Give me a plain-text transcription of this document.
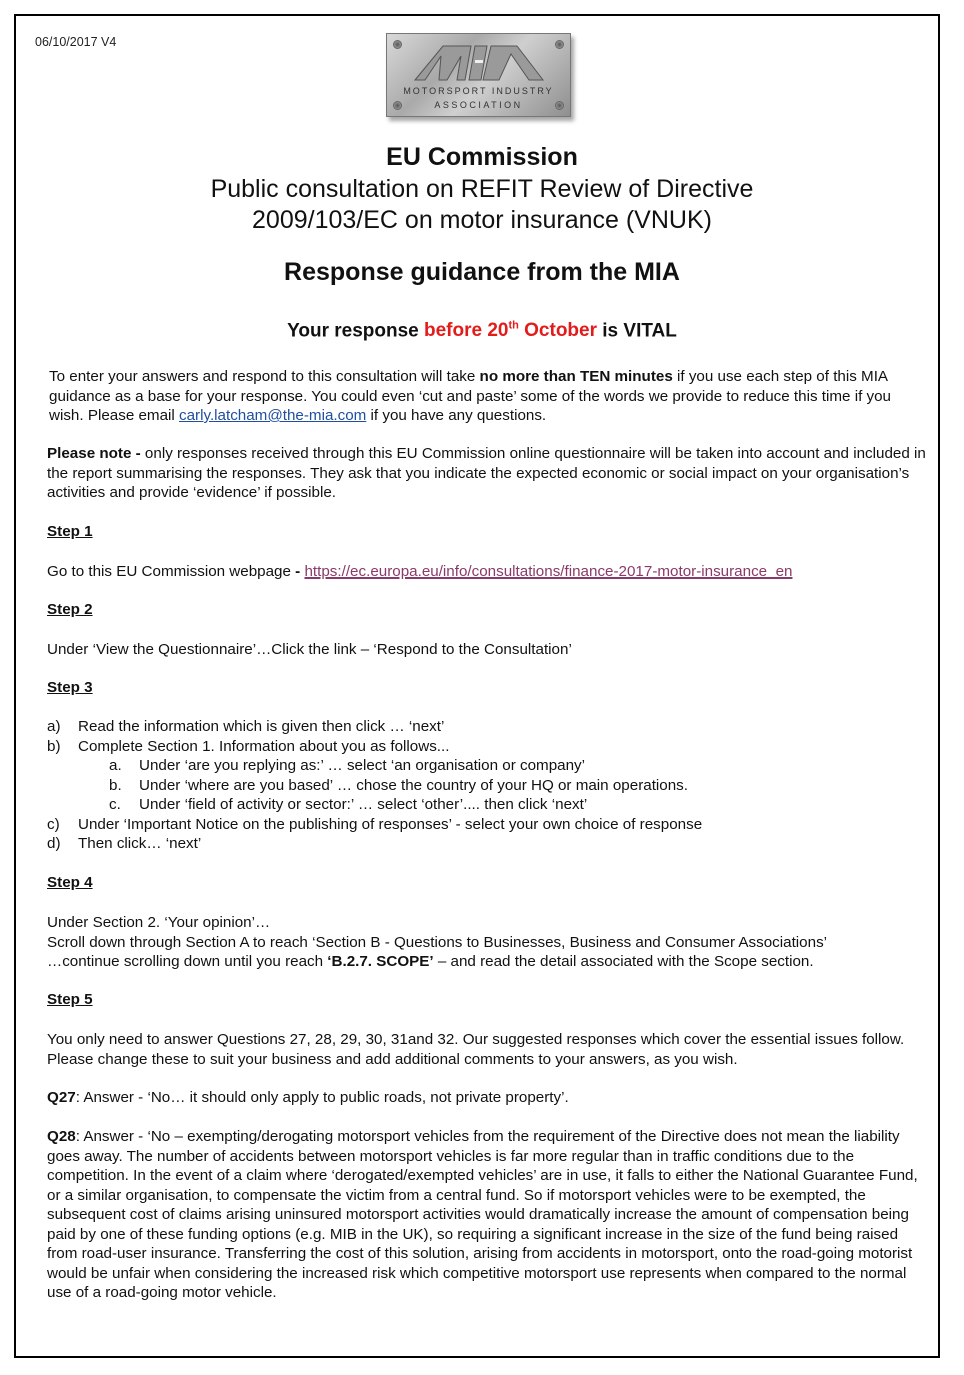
06/10/2017 V4
MOTORSPORT INDUSTRY
ASSOCIATION
EU Commission
Public consultation on REFIT Review of Directive
2009/103/EC on motor insurance (VNUK)
Response guidance from the MIA
Your response before 20th October is VITAL
To enter your answers and respond to this consultation will take no more than TEN minutes if you use each step of this MIA guidance as a base for your response. You could even ‘cut and paste’ some of the words we provide to reduce this time if you wish. Please email carly.latcham@the-mia.com if you have any questions.
Please note - only responses received through this EU Commission online questionnaire will be taken into account and included in the report summarising the responses. They ask that you indicate the expected economic or social impact on your organisation’s activities and provide ‘evidence’ if possible.
Step 1
Go to this EU Commission webpage - https://ec.europa.eu/info/consultations/finance-2017-motor-insurance_en
Step 2
Under ‘View the Questionnaire’…Click the link – ‘Respond to the Consultation’
Step 3
a)	Read the information which is given then click … ‘next’
b)	Complete Section 1. Information about you as follows...
a.	Under ‘are you replying as:’ … select ‘an organisation or company’
b.	Under ‘where are you based’ … chose the country of your HQ or main operations.
c.	Under ‘field of activity or sector:’ … select ‘other’.... then click ‘next’
c)	Under ‘Important Notice on the publishing of responses’ - select your own choice of response
d)	Then click… ‘next’
Step 4
Under Section 2. ‘Your opinion’…
Scroll down through Section A to reach ‘Section B - Questions to Businesses, Business and Consumer Associations’
…continue scrolling down until you reach ‘B.2.7. SCOPE’ – and read the detail associated with the Scope section.
Step 5
You only need to answer Questions 27, 28, 29, 30, 31and 32. Our suggested responses which cover the essential issues follow. Please change these to suit your business and add additional comments to your answers, as you wish.
Q27: Answer - ‘No… it should only apply to public roads, not private property’.
Q28: Answer - ‘No – exempting/derogating motorsport vehicles from the requirement of the Directive does not mean the liability goes away. The number of accidents between motorsport vehicles is far more regular than in traffic conditions due to the competition. In the event of a claim where ‘derogated/exempted vehicles’ are in use, it falls to either the National Guarantee Fund, or a similar organisation, to compensate the victim from a central fund. So if motorsport vehicles were to be exempted, the subsequent cost of claims arising uninsured motorsport activities would dramatically increase the amount of compensation being paid by one of these funding options (e.g. MIB in the UK), so requiring a significant increase in the size of the fund being raised from road-user insurance. Transferring the cost of this solution, arising from accidents in motorsport, onto the road-going motorist would be unfair when considering the increased risk which competitive motorsport use represents when compared to the normal use of a road-going motor vehicle.
